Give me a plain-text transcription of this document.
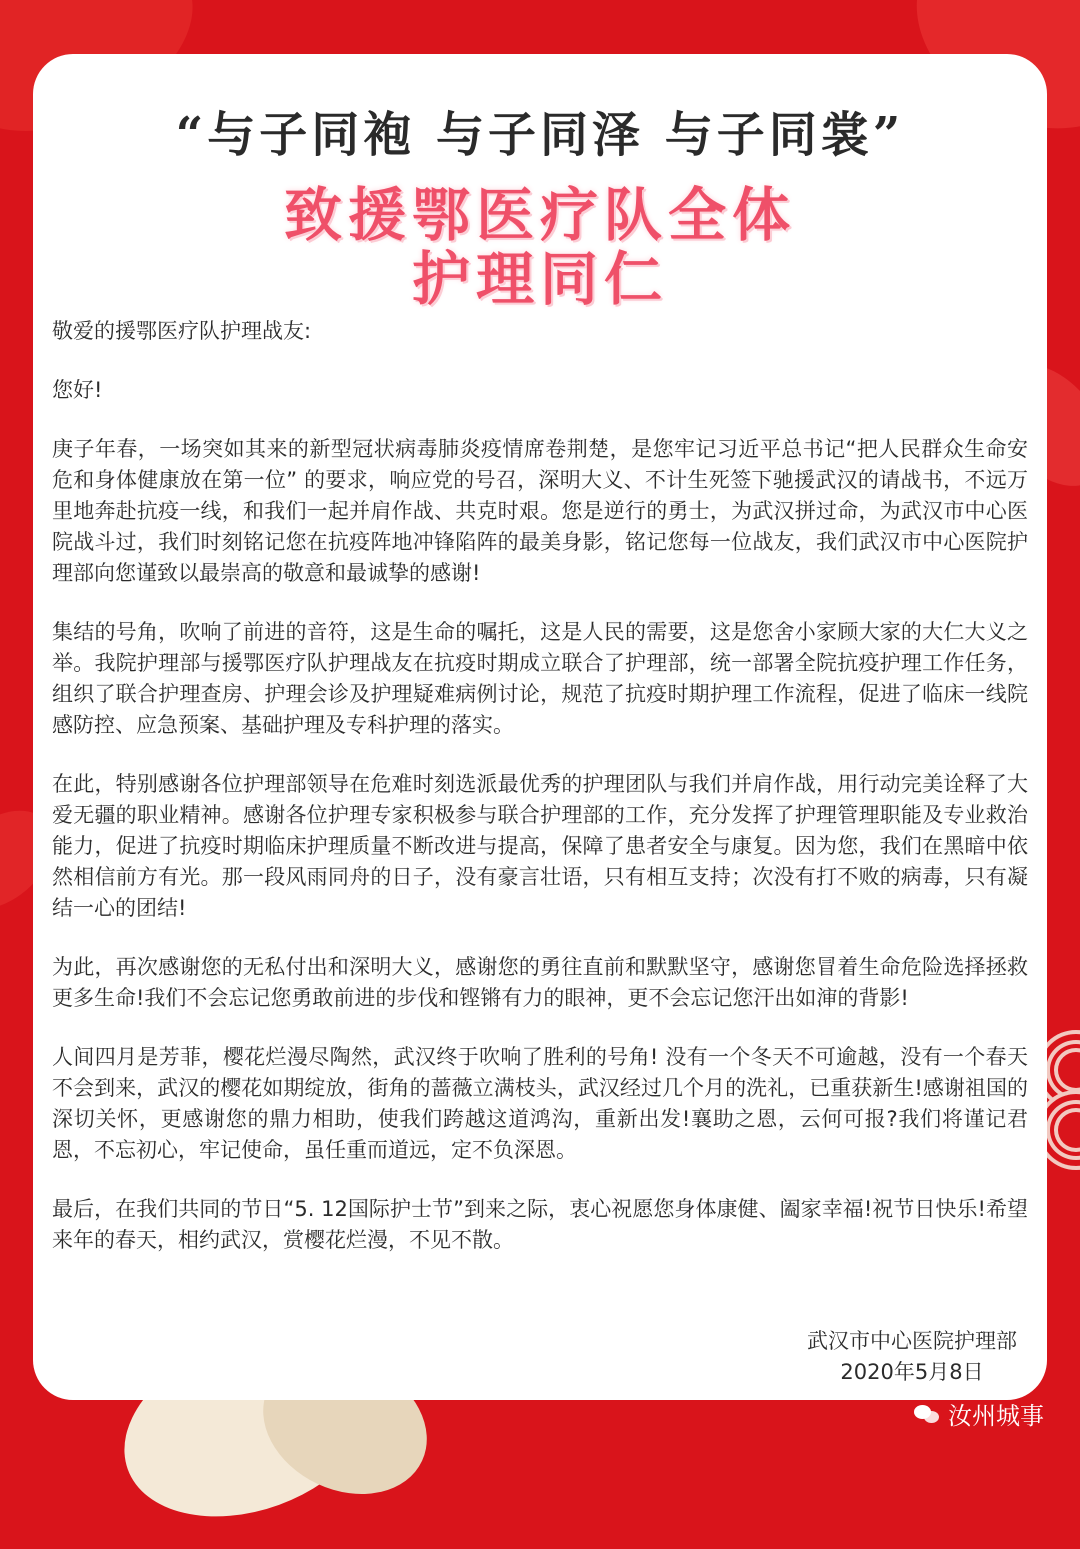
“与子同袍 与子同泽 与子同裳”
致援鄂医疗队全体
护理同仁

敬爱的援鄂医疗队护理战友:

您好!

庚子年春，一场突如其来的新型冠状病毒肺炎疫情席卷荆楚，是您牢记习近平总书记“把人民群众生命安危和身体健康放在第一位” 的要求，响应党的号召，深明大义、不计生死签下驰援武汉的请战书，不远万里地奔赴抗疫一线，和我们一起并肩作战、共克时艰。您是逆行的勇士，为武汉拼过命，为武汉市中心医院战斗过，我们时刻铭记您在抗疫阵地冲锋陷阵的最美身影，铭记您每一位战友，我们武汉市中心医院护理部向您谨致以最崇高的敬意和最诚挚的感谢!

集结的号角，吹响了前进的音符，这是生命的嘱托，这是人民的需要，这是您舍小家顾大家的大仁大义之举。我院护理部与援鄂医疗队护理战友在抗疫时期成立联合了护理部，统一部署全院抗疫护理工作任务，组织了联合护理查房、护理会诊及护理疑难病例讨论，规范了抗疫时期护理工作流程，促进了临床一线院感防控、应急预案、基础护理及专科护理的落实。

在此，特别感谢各位护理部领导在危难时刻选派最优秀的护理团队与我们并肩作战，用行动完美诠释了大爱无疆的职业精神。感谢各位护理专家积极参与联合护理部的工作，充分发挥了护理管理职能及专业救治能力，促进了抗疫时期临床护理质量不断改进与提高，保障了患者安全与康复。因为您，我们在黑暗中依然相信前方有光。那一段风雨同舟的日子，没有豪言壮语，只有相互支持；次没有打不败的病毒，只有凝结一心的团结!

为此，再次感谢您的无私付出和深明大义，感谢您的勇往直前和默默坚守，感谢您冒着生命危险选择拯救更多生命!我们不会忘记您勇敢前进的步伐和铿锵有力的眼神，更不会忘记您汗出如渖的背影!

人间四月是芳菲，樱花烂漫尽陶然，武汉终于吹响了胜利的号角! 没有一个冬天不可逾越，没有一个春天不会到来，武汉的樱花如期绽放，街角的蔷薇立满枝头，武汉经过几个月的洗礼，已重获新生!感谢祖国的深切关怀，更感谢您的鼎力相助，使我们跨越这道鸿沟，重新出发!襄助之恩，云何可报?我们将谨记君恩，不忘初心，牢记使命，虽任重而道远，定不负深恩。

最后，在我们共同的节日“5. 12国际护士节”到来之际，衷心祝愿您身体康健、阖家幸福!祝节日快乐!希望来年的春天，相约武汉，赏樱花烂漫，不见不散。

武汉市中心医院护理部
2020年5月8日
汝州城事
